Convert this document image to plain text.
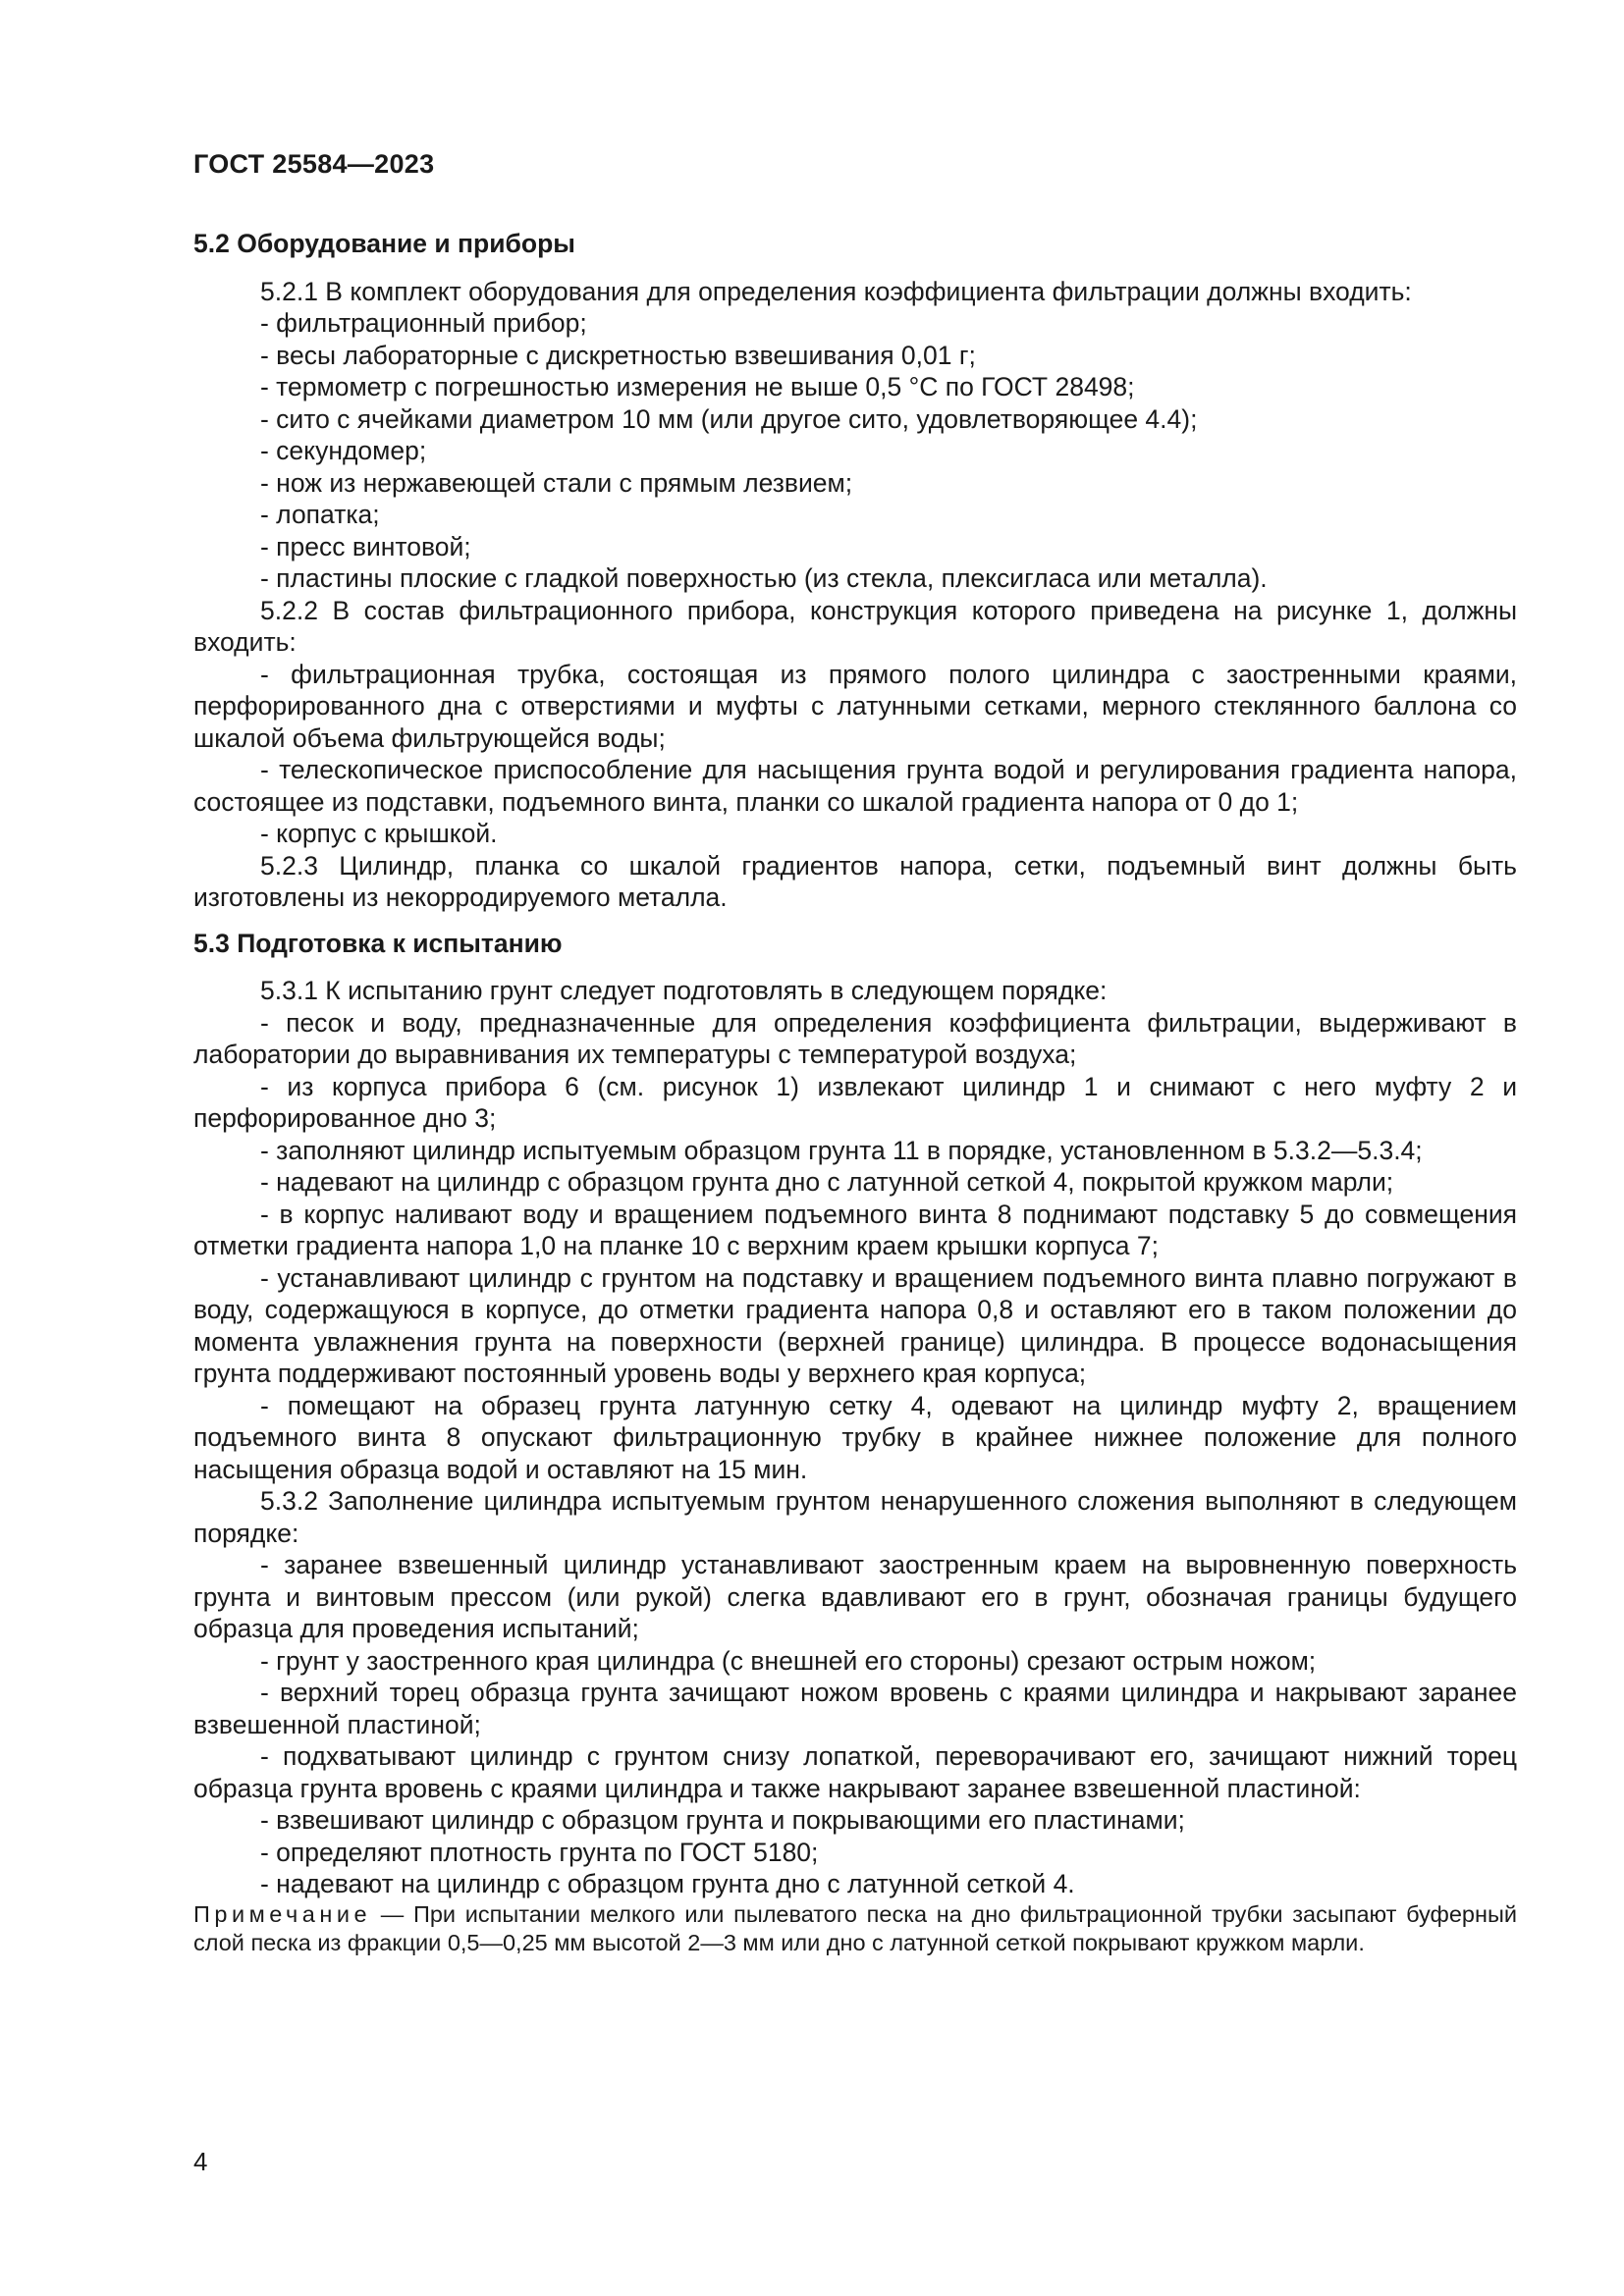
ГОСТ 25584—2023

5.2 Оборудование и приборы

5.2.1 В комплект оборудования для определения коэффициента фильтрации должны входить:

- фильтрационный прибор;

- весы лабораторные с дискретностью взвешивания 0,01 г;

- термометр с погрешностью измерения не выше 0,5 °С по ГОСТ 28498;

- сито с ячейками диаметром 10 мм (или другое сито, удовлетворяющее 4.4);

- секундомер;

- нож из нержавеющей стали с прямым лезвием;

- лопатка;

- пресс винтовой;

- пластины плоские с гладкой поверхностью (из стекла, плексигласа или металла).

5.2.2 В состав фильтрационного прибора, конструкция которого приведена на рисунке 1, должны входить:

- фильтрационная трубка, состоящая из прямого полого цилиндра с заостренными краями, перфорированного дна с отверстиями и муфты с латунными сетками, мерного стеклянного баллона со шкалой объема фильтрующейся воды;

- телескопическое приспособление для насыщения грунта водой и регулирования градиента напора, состоящее из подставки, подъемного винта, планки со шкалой градиента напора от 0 до 1;

- корпус с крышкой.

5.2.3 Цилиндр, планка со шкалой градиентов напора, сетки, подъемный винт должны быть изготовлены из некорродируемого металла.

5.3 Подготовка к испытанию

5.3.1 К испытанию грунт следует подготовлять в следующем порядке:

- песок и воду, предназначенные для определения коэффициента фильтрации, выдерживают в лаборатории до выравнивания их температуры с температурой воздуха;

- из корпуса прибора 6 (см. рисунок 1) извлекают цилиндр 1 и снимают с него муфту 2 и перфорированное дно 3;

- заполняют цилиндр испытуемым образцом грунта 11 в порядке, установленном в 5.3.2—5.3.4;

- надевают на цилиндр с образцом грунта дно с латунной сеткой 4, покрытой кружком марли;

- в корпус наливают воду и вращением подъемного винта 8 поднимают подставку 5 до совмещения отметки градиента напора 1,0 на планке 10 с верхним краем крышки корпуса 7;

- устанавливают цилиндр с грунтом на подставку и вращением подъемного винта плавно погружают в воду, содержащуюся в корпусе, до отметки градиента напора 0,8 и оставляют его в таком положении до момента увлажнения грунта на поверхности (верхней границе) цилиндра. В процессе водонасыщения грунта поддерживают постоянный уровень воды у верхнего края корпуса;

- помещают на образец грунта латунную сетку 4, одевают на цилиндр муфту 2, вращением подъемного винта 8 опускают фильтрационную трубку в крайнее нижнее положение для полного насыщения образца водой и оставляют на 15 мин.

5.3.2 Заполнение цилиндра испытуемым грунтом ненарушенного сложения выполняют в следующем порядке:

- заранее взвешенный цилиндр устанавливают заостренным краем на выровненную поверхность грунта и винтовым прессом (или рукой) слегка вдавливают его в грунт, обозначая границы будущего образца для проведения испытаний;

- грунт у заостренного края цилиндра (с внешней его стороны) срезают острым ножом;

- верхний торец образца грунта зачищают ножом вровень с краями цилиндра и накрывают заранее взвешенной пластиной;

- подхватывают цилиндр с грунтом снизу лопаткой, переворачивают его, зачищают нижний торец образца грунта вровень с краями цилиндра и также накрывают заранее взвешенной пластиной:

- взвешивают цилиндр с образцом грунта и покрывающими его пластинами;

- определяют плотность грунта по ГОСТ 5180;

- надевают на цилиндр с образцом грунта дно с латунной сеткой 4.

Примечание — При испытании мелкого или пылеватого песка на дно фильтрационной трубки засыпают буферный слой песка из фракции 0,5—0,25 мм высотой 2—3 мм или дно с латунной сеткой покрывают кружком марли.

4
